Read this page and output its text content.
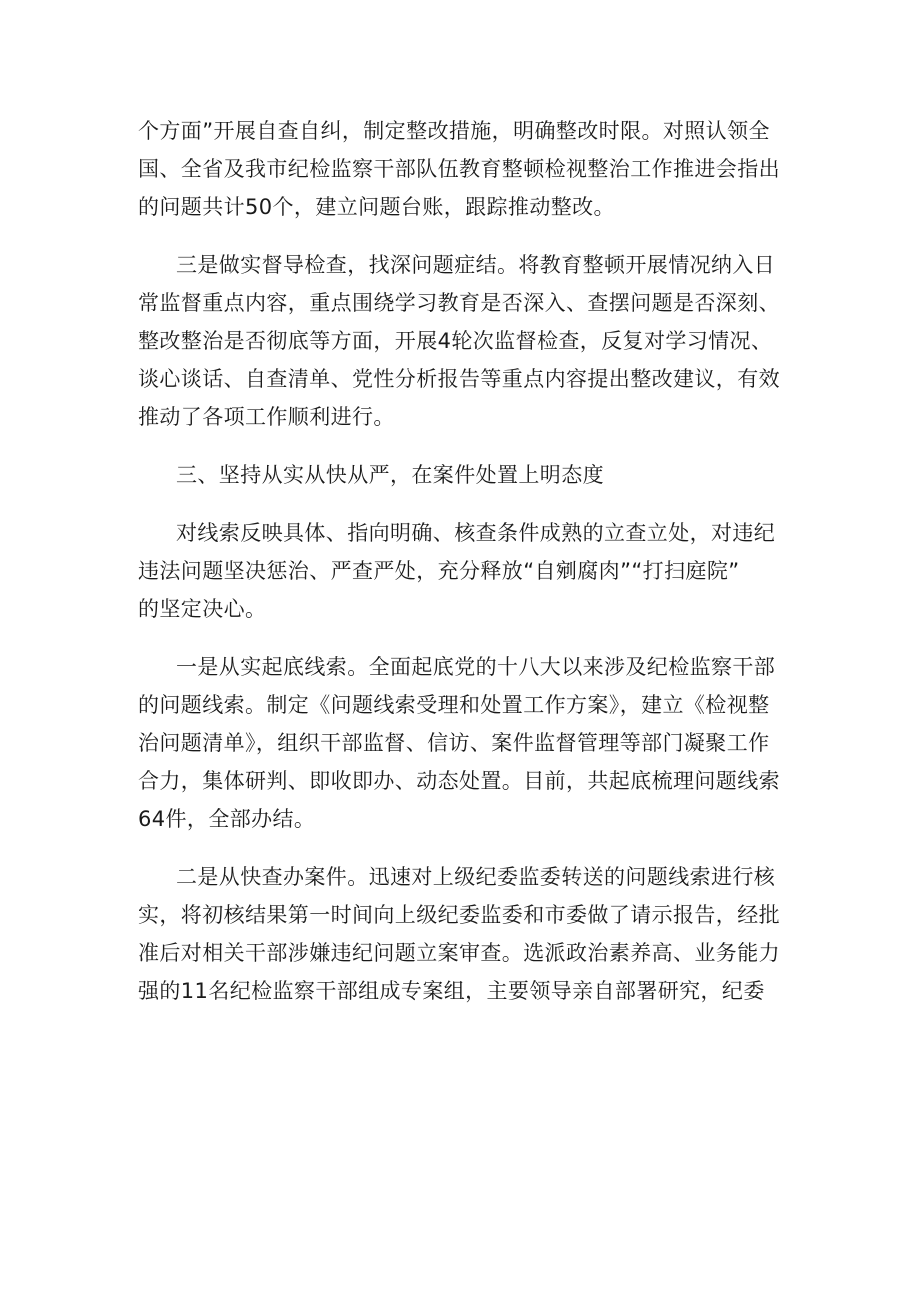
个方面”开展自查自纠，制定整改措施，明确整改时限。对照认领全
国、全省及我市纪检监察干部队伍教育整顿检视整治工作推进会指出
的问题共计50个，建立问题台账，跟踪推动整改。

三是做实督导检查，找深问题症结。将教育整顿开展情况纳入日
常监督重点内容，重点围绕学习教育是否深入、查摆问题是否深刻、
整改整治是否彻底等方面，开展4轮次监督检查，反复对学习情况、
谈心谈话、自查清单、党性分析报告等重点内容提出整改建议，有效
推动了各项工作顺利进行。

三、坚持从实从快从严，在案件处置上明态度

对线索反映具体、指向明确、核查条件成熟的立查立处，对违纪
违法问题坚决惩治、严查严处，充分释放“自剜腐肉”“打扫庭院”
的坚定决心。

一是从实起底线索。全面起底党的十八大以来涉及纪检监察干部
的问题线索。制定《问题线索受理和处置工作方案》，建立《检视整
治问题清单》，组织干部监督、信访、案件监督管理等部门凝聚工作
合力，集体研判、即收即办、动态处置。目前，共起底梳理问题线索
64件，全部办结。

二是从快查办案件。迅速对上级纪委监委转送的问题线索进行核
实，将初核结果第一时间向上级纪委监委和市委做了请示报告，经批
准后对相关干部涉嫌违纪问题立案审查。选派政治素养高、业务能力
强的11名纪检监察干部组成专案组，主要领导亲自部署研究，纪委
